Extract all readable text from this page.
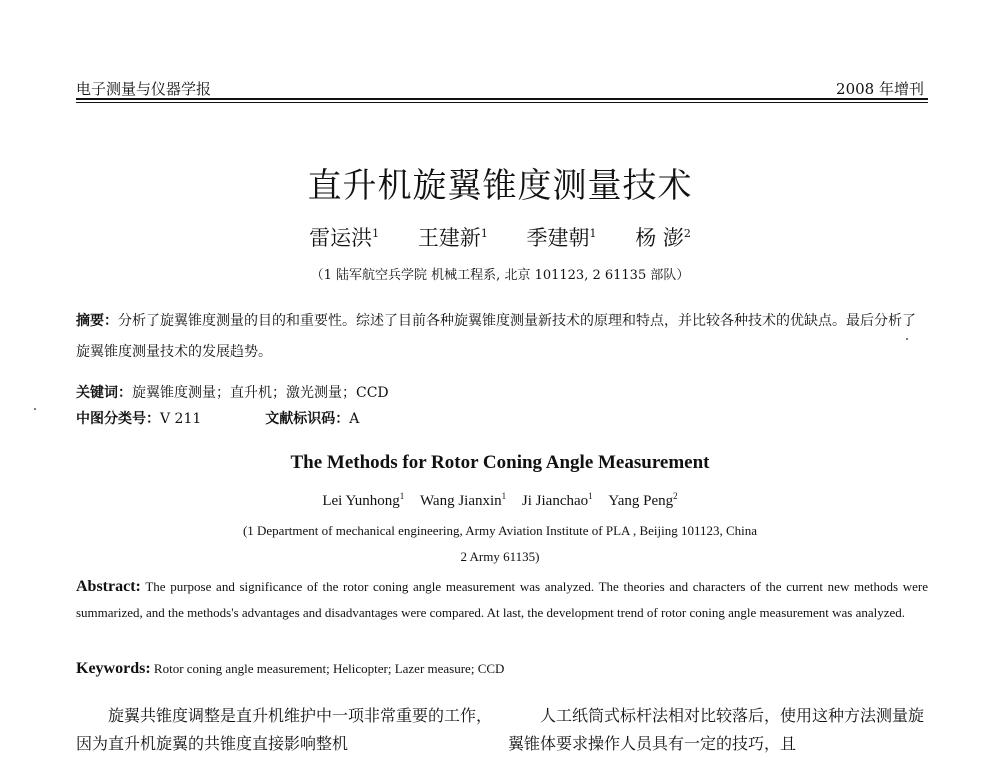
电子测量与仪器学报	2008 年增刊
直升机旋翼锥度测量技术
雷运洪$^1$ 王建新$^1$ 季建朝$^1$ 杨 澎$^2$
（1 陆军航空兵学院 机械工程系, 北京 101123, 2 61135 部队）
摘要：分析了旋翼锥度测量的目的和重要性。综述了目前各种旋翼锥度测量新技术的原理和特点，并比较各种技术的优缺点。最后分析了旋翼锥度测量技术的发展趋势。
关键词：旋翼锥度测量；直升机；激光测量；CCD
中图分类号：V 211	文献标识码：A
The Methods for Rotor Coning Angle Measurement
Lei Yunhong$^1$ Wang Jianxin$^1$ Ji Jianchao$^1$ Yang Peng$^2$
(1 Department of mechanical engineering, Army Aviation Institute of PLA , Beijing 101123, China
2 Army 61135)
Abstract: The purpose and significance of the rotor coning angle measurement was analyzed. The theories and characters of the current new methods were summarized, and the methods's advantages and disadvantages were compared. At last, the development trend of rotor coning angle measurement was analyzed.
Keywords: Rotor coning angle measurement; Helicopter; Lazer measure; CCD
旋翼共锥度调整是直升机维护中一项非常重要的工作，因为直升机旋翼的共锥度直接影响整机
人工纸筒式标杆法相对比较落后，使用这种方法测量旋翼锥体要求操作人员具有一定的技巧，且
